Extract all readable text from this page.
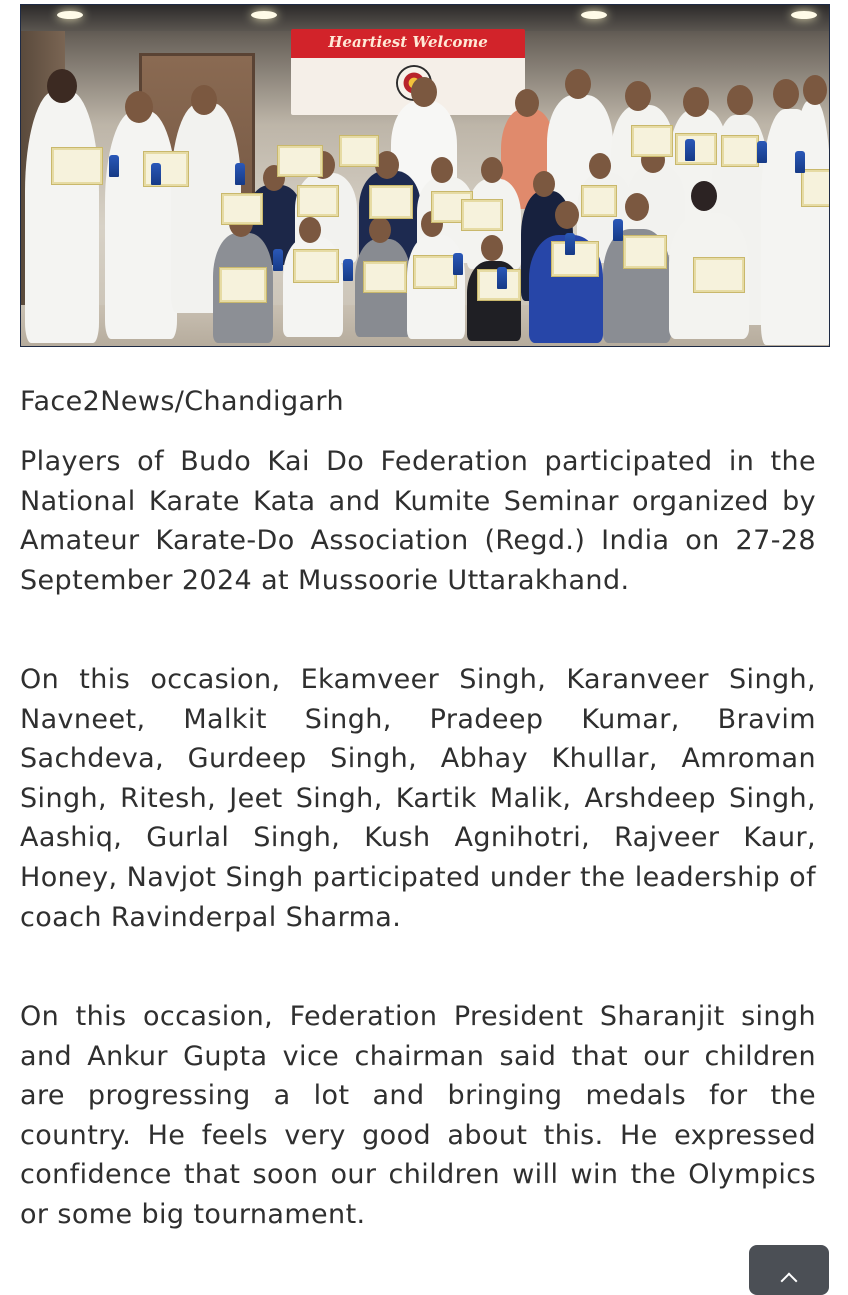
Heartiest Welcome
Face2News/Chandigarh

Players of Budo Kai Do Federation participated in the National Karate Kata and Kumite Seminar organized by Amateur Karate-Do Association (Regd.) India on 27-28 September 2024 at Mussoorie Uttarakhand.

On this occasion, Ekamveer Singh, Karanveer Singh, Navneet, Malkit Singh, Pradeep Kumar, Bravim Sachdeva, Gurdeep Singh, Abhay Khullar, Amroman Singh, Ritesh, Jeet Singh, Kartik Malik, Arshdeep Singh, Aashiq, Gurlal Singh, Kush Agnihotri, Rajveer Kaur, Honey, Navjot Singh participated under the leadership of coach Ravinderpal Sharma.

On this occasion, Federation President Sharanjit singh and Ankur Gupta vice chairman said that our children are progressing a lot and bringing medals for the country. He feels very good about this. He expressed confidence that soon our children will win the Olympics or some big tournament.
